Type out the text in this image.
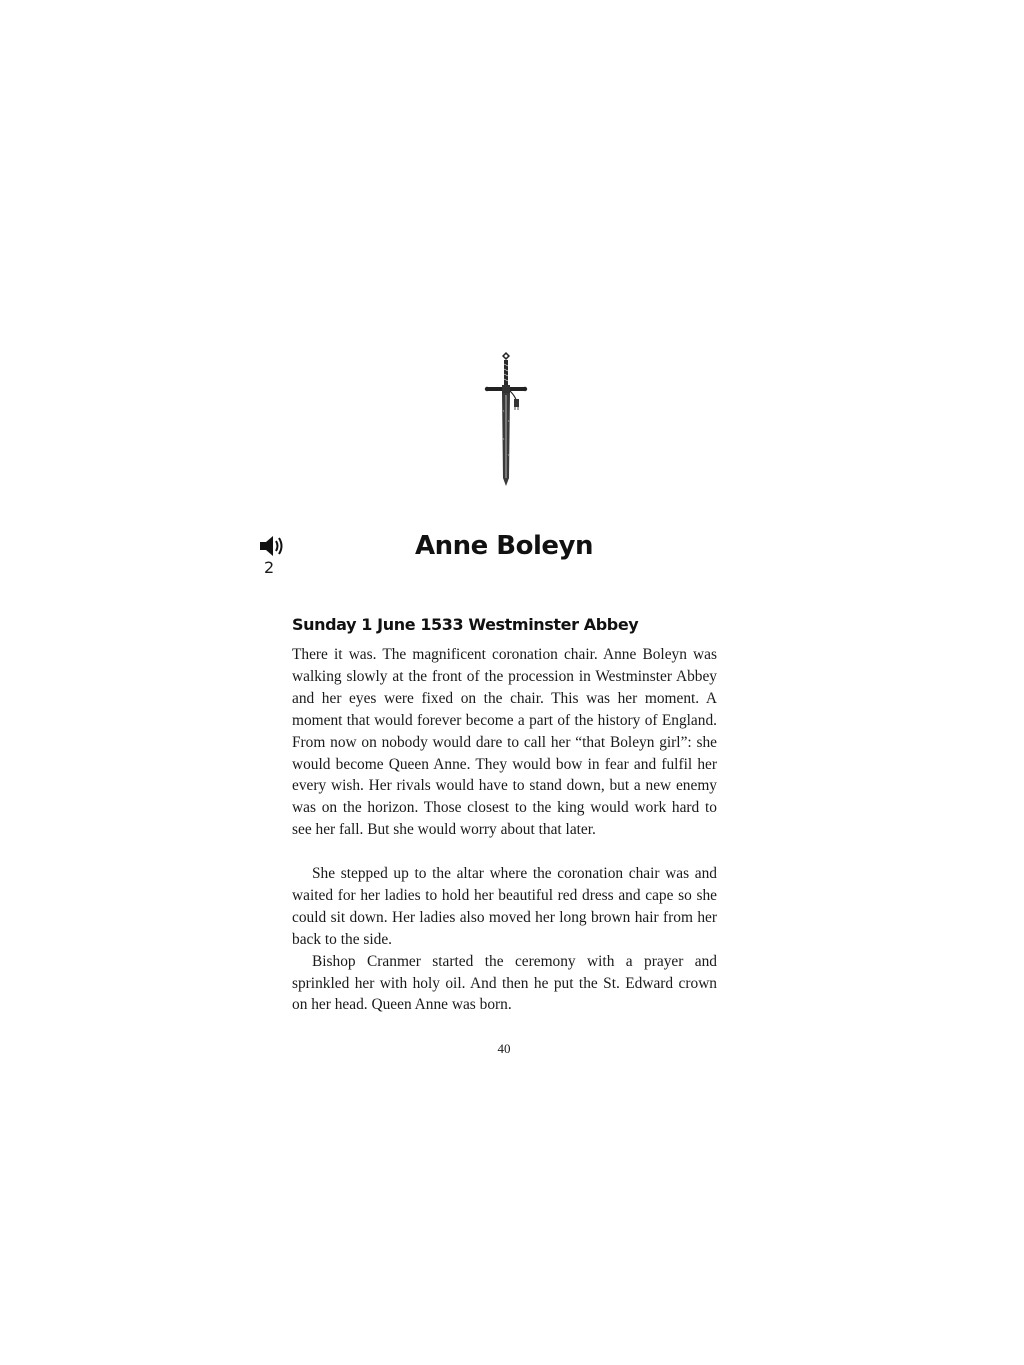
2
Anne Boleyn
Sunday 1 June 1533 Westminster Abbey

There it was. The magnificent coronation chair. Anne Boleyn was walking slowly at the front of the procession in Westminster Abbey and her eyes were fixed on the chair. This was her moment. A moment that would forever become a part of the history of England. From now on nobody would dare to call her “that Boleyn girl”: she would become Queen Anne. They would bow in fear and fulfil her every wish. Her rivals would have to stand down, but a new enemy was on the horizon. Those closest to the king would work hard to see her fall. But she would worry about that later.

She stepped up to the altar where the coronation chair was and waited for her ladies to hold her beautiful red dress and cape so she could sit down. Her ladies also moved her long brown hair from her back to the side.

Bishop Cranmer started the ceremony with a prayer and sprinkled her with holy oil. And then he put the St. Edward crown on her head. Queen Anne was born.

40
